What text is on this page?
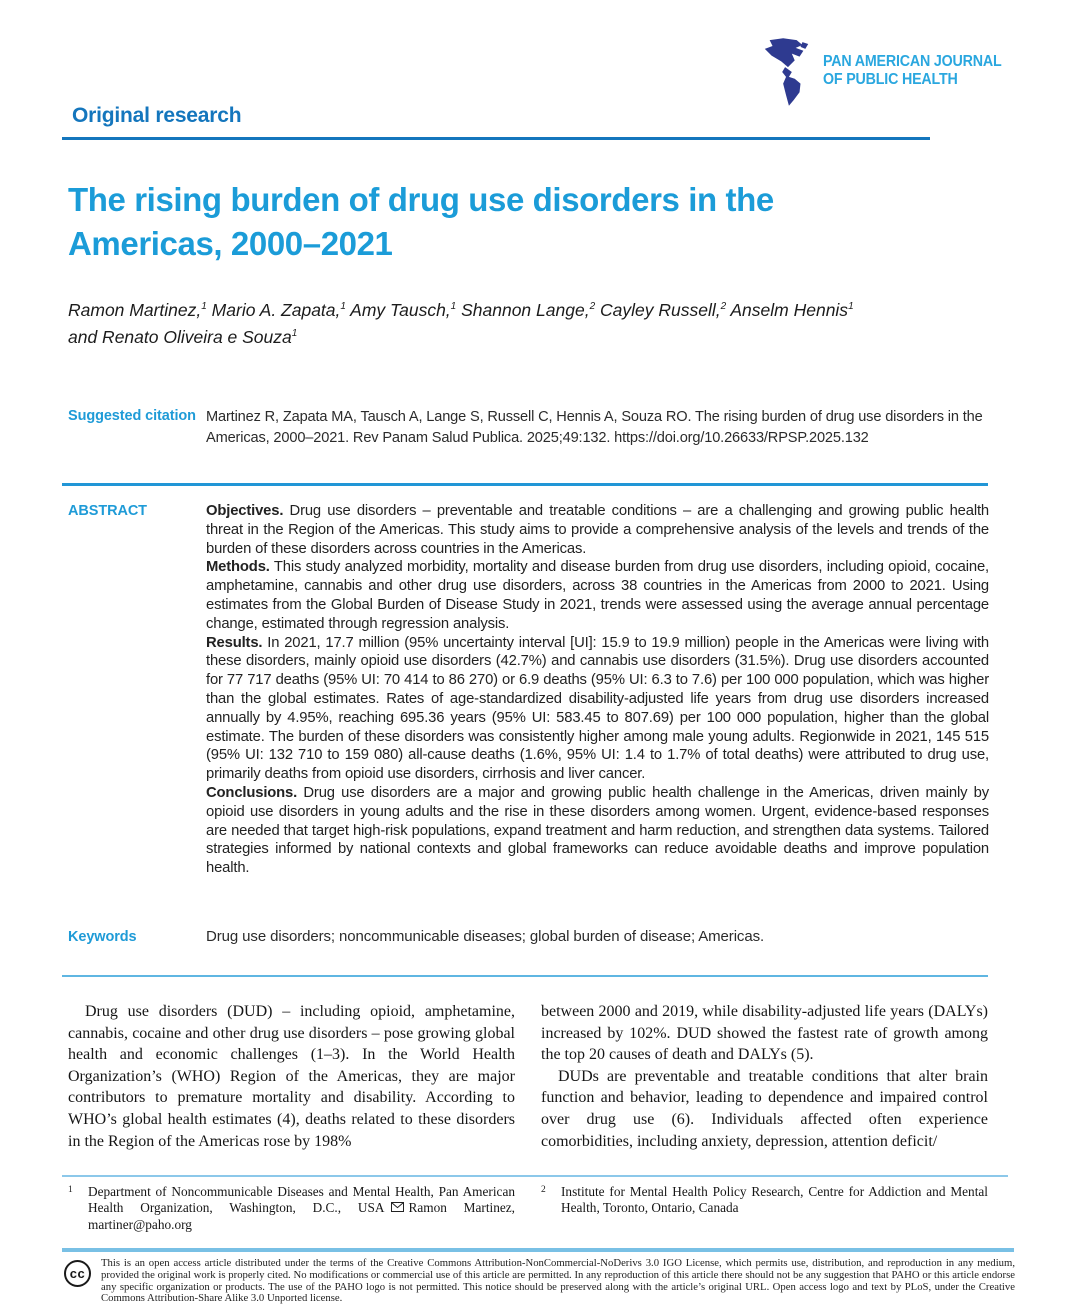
PAN AMERICAN JOURNAL
OF PUBLIC HEALTH
Original research
The rising burden of drug use disorders in the
Americas, 2000–2021
Ramon Martinez,$^1$ Mario A. Zapata,$^1$ Amy Tausch,$^1$ Shannon Lange,$^2$ Cayley Russell,$^2$ Anselm Hennis$^1$
and Renato Oliveira e Souza$^1$
Suggested citation Martinez R, Zapata MA, Tausch A, Lange S, Russell C, Hennis A, Souza RO. The rising burden of drug use disorders in the Americas, 2000–2021. Rev Panam Salud Publica. 2025;49:132. https://doi.org/10.26633/RPSP.2025.132
ABSTRACT	Objectives. Drug use disorders – preventable and treatable conditions – are a challenging and growing public health threat in the Region of the Americas. This study aims to provide a comprehensive analysis of the levels and trends of the burden of these disorders across countries in the Americas.

Methods. This study analyzed morbidity, mortality and disease burden from drug use disorders, including opioid, cocaine, amphetamine, cannabis and other drug use disorders, across 38 countries in the Americas from 2000 to 2021. Using estimates from the Global Burden of Disease Study in 2021, trends were assessed using the average annual percentage change, estimated through regression analysis.

Results. In 2021, 17.7 million (95% uncertainty interval [UI]: 15.9 to 19.9 million) people in the Americas were living with these disorders, mainly opioid use disorders (42.7%) and cannabis use disorders (31.5%). Drug use disorders accounted for 77 717 deaths (95% UI: 70 414 to 86 270) or 6.9 deaths (95% UI: 6.3 to 7.6) per 100 000 population, which was higher than the global estimates. Rates of age-standardized disability-adjusted life years from drug use disorders increased annually by 4.95%, reaching 695.36 years (95% UI: 583.45 to 807.69) per 100 000 population, higher than the global estimate. The burden of these disorders was consistently higher among male young adults. Regionwide in 2021, 145 515 (95% UI: 132 710 to 159 080) all-cause deaths (1.6%, 95% UI: 1.4 to 1.7% of total deaths) were attributed to drug use, primarily deaths from opioid use disorders, cirrhosis and liver cancer.

Conclusions. Drug use disorders are a major and growing public health challenge in the Americas, driven mainly by opioid use disorders in young adults and the rise in these disorders among women. Urgent, evidence-based responses are needed that target high-risk populations, expand treatment and harm reduction, and strengthen data systems. Tailored strategies informed by national contexts and global frameworks can reduce avoidable deaths and improve population health.

Keywords	Drug use disorders; noncommunicable diseases; global burden of disease; Americas.

Drug use disorders (DUD) – including opioid, amphetamine, cannabis, cocaine and other drug use disorders – pose growing global health and economic challenges (1–3). In the World Health Organization’s (WHO) Region of the Americas, they are major contributors to premature mortality and disability. According to WHO’s global health estimates (4), deaths related to these disorders in the Region of the Americas rose by 198%

between 2000 and 2019, while disability-adjusted life years (DALYs) increased by 102%. DUD showed the fastest rate of growth among the top 20 causes of death and DALYs (5).

DUDs are preventable and treatable conditions that alter brain function and behavior, leading to dependence and impaired control over drug use (6). Individuals affected often experience comorbidities, including anxiety, depression, attention deficit/

1	Department of Noncommunicable Diseases and Mental Health, Pan American Health Organization, Washington, D.C., USA Ramon Martinez, martiner@paho.org
2	Institute for Mental Health Policy Research, Centre for Addiction and Mental Health, Toronto, Ontario, Canada
cc
This is an open access article distributed under the terms of the Creative Commons Attribution-NonCommercial-NoDerivs 3.0 IGO License, which permits use, distribution, and reproduction in any medium, provided the original work is properly cited. No modifications or commercial use of this article are permitted. In any reproduction of this article there should not be any suggestion that PAHO or this article endorse any specific organization or products. The use of the PAHO logo is not permitted. This notice should be preserved along with the article’s original URL. Open access logo and text by PLoS, under the Creative Commons Attribution-Share Alike 3.0 Unported license.
